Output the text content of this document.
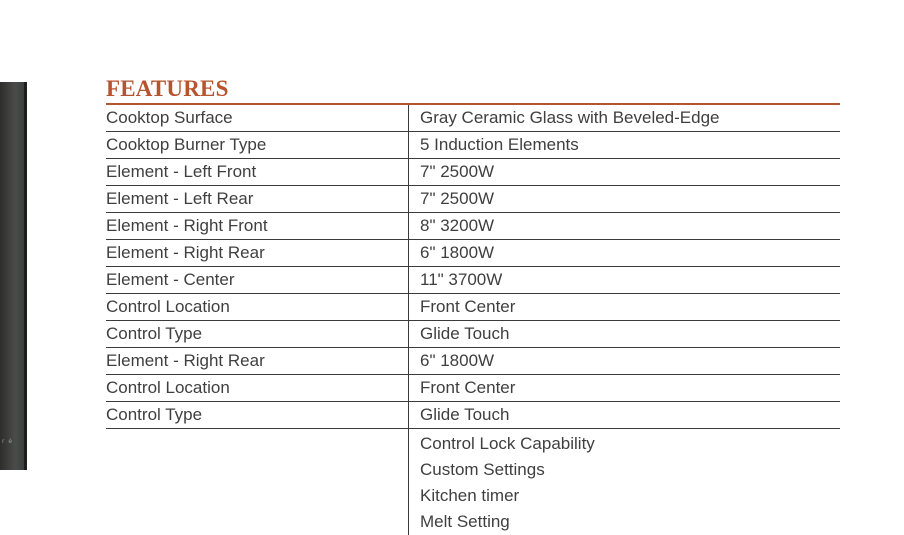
r ė
FEATURES
Cooktop Surface	Gray Ceramic Glass with Beveled-Edge
Cooktop Burner Type	5 Induction Elements
Element - Left Front	7" 2500W
Element - Left Rear	7" 2500W
Element - Right Front	8" 3200W
Element - Right Rear	6" 1800W
Element - Center	11" 3700W
Control Location	Front Center
Control Type	Glide Touch
Element - Right Rear	6" 1800W
Control Location	Front Center
Control Type	Glide Touch

	Control Lock Capability
Custom Settings
Kitchen timer
Melt Setting
